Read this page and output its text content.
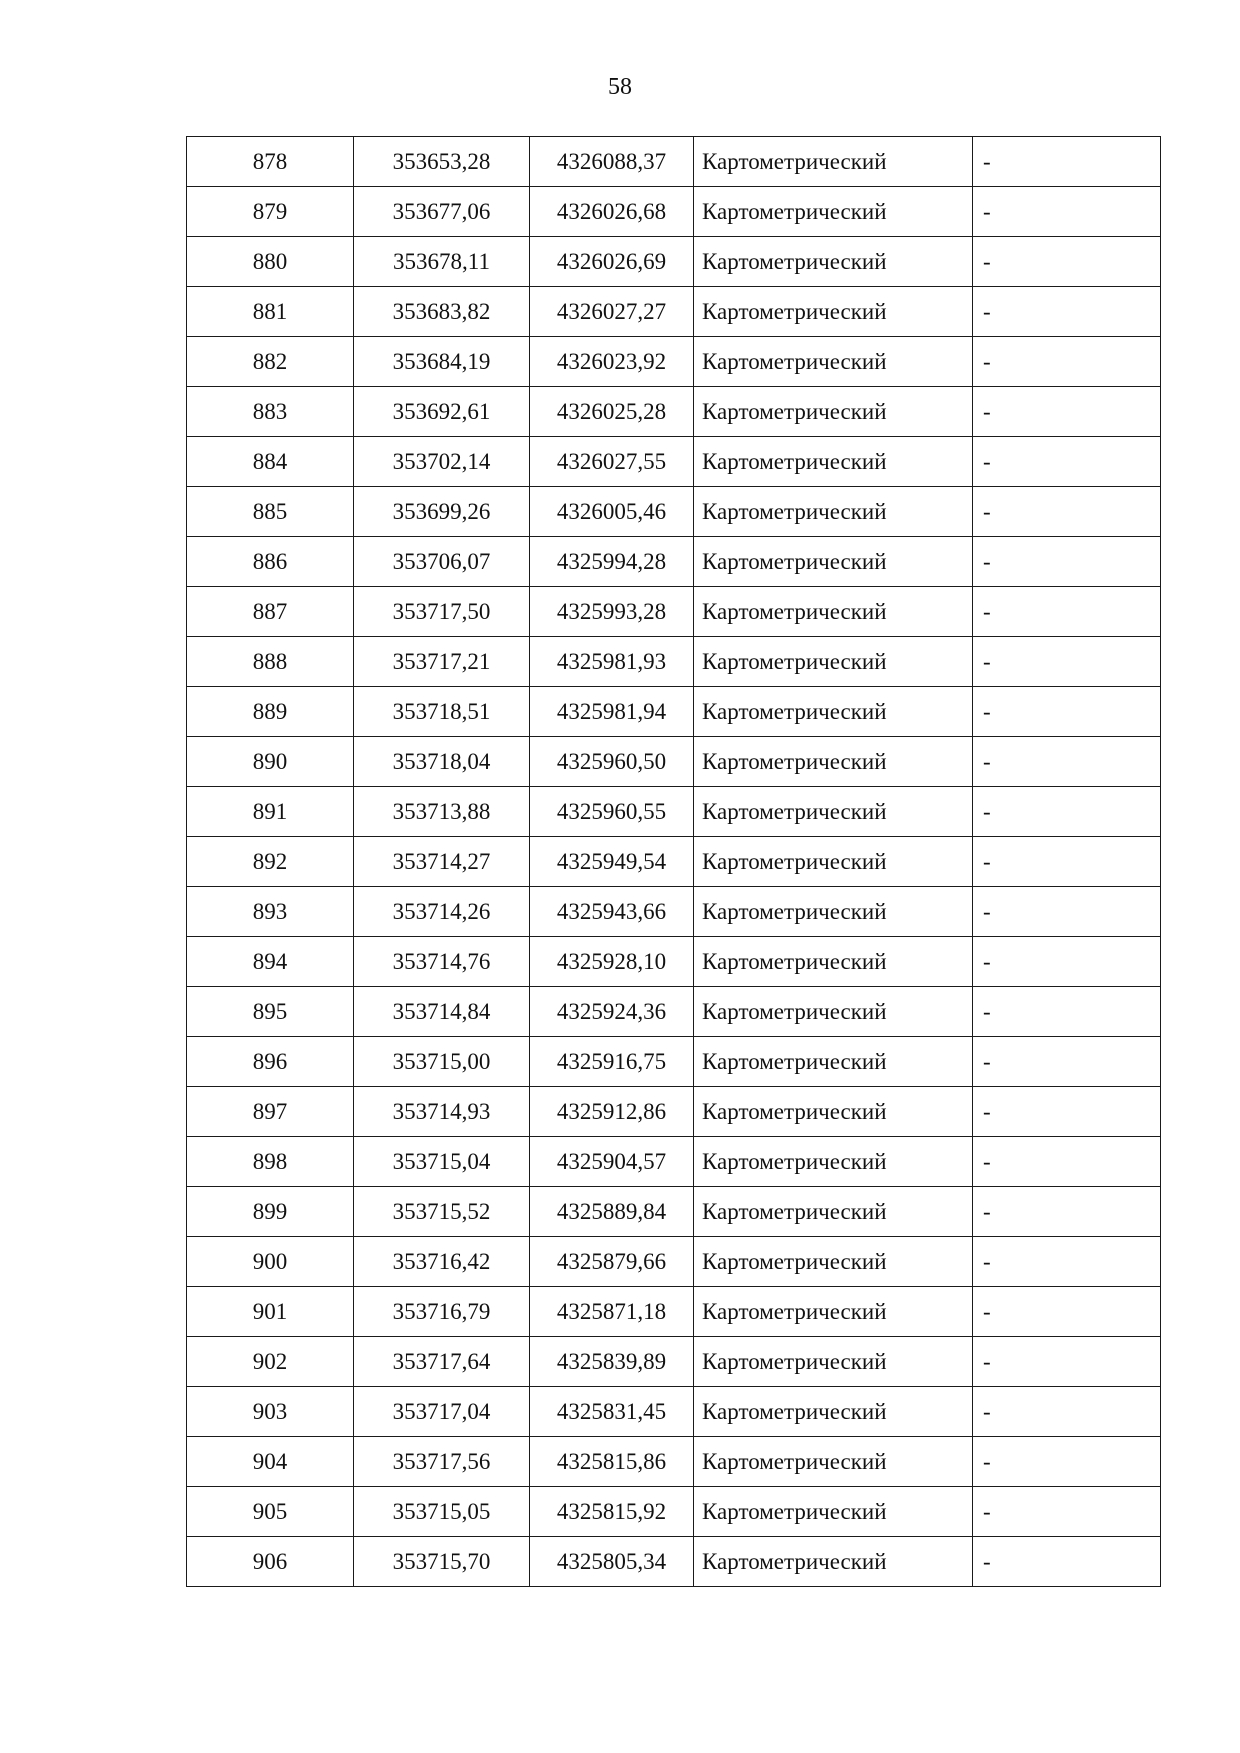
58
878	353653,28	4326088,37	Картометрический	-
879	353677,06	4326026,68	Картометрический	-
880	353678,11	4326026,69	Картометрический	-
881	353683,82	4326027,27	Картометрический	-
882	353684,19	4326023,92	Картометрический	-
883	353692,61	4326025,28	Картометрический	-
884	353702,14	4326027,55	Картометрический	-
885	353699,26	4326005,46	Картометрический	-
886	353706,07	4325994,28	Картометрический	-
887	353717,50	4325993,28	Картометрический	-
888	353717,21	4325981,93	Картометрический	-
889	353718,51	4325981,94	Картометрический	-
890	353718,04	4325960,50	Картометрический	-
891	353713,88	4325960,55	Картометрический	-
892	353714,27	4325949,54	Картометрический	-
893	353714,26	4325943,66	Картометрический	-
894	353714,76	4325928,10	Картометрический	-
895	353714,84	4325924,36	Картометрический	-
896	353715,00	4325916,75	Картометрический	-
897	353714,93	4325912,86	Картометрический	-
898	353715,04	4325904,57	Картометрический	-
899	353715,52	4325889,84	Картометрический	-
900	353716,42	4325879,66	Картометрический	-
901	353716,79	4325871,18	Картометрический	-
902	353717,64	4325839,89	Картометрический	-
903	353717,04	4325831,45	Картометрический	-
904	353717,56	4325815,86	Картометрический	-
905	353715,05	4325815,92	Картометрический	-
906	353715,70	4325805,34	Картометрический	-
